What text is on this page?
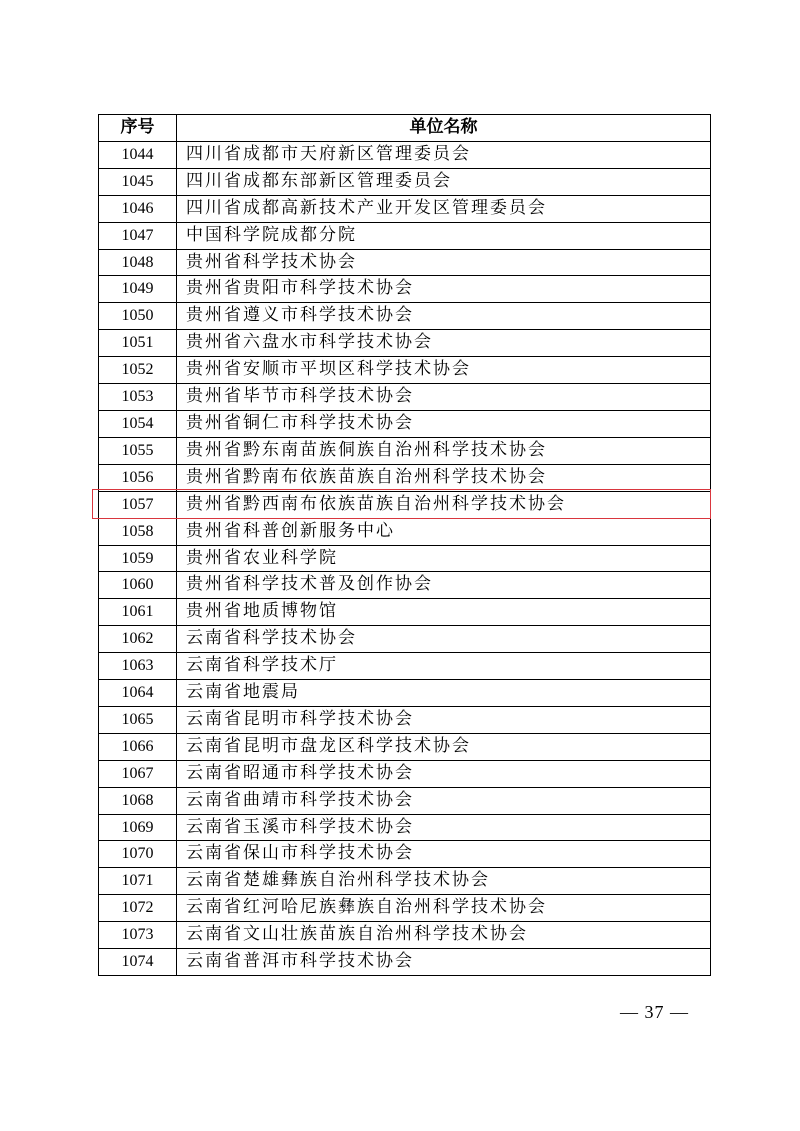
序号	单位名称
1044	四川省成都市天府新区管理委员会
1045	四川省成都东部新区管理委员会
1046	四川省成都高新技术产业开发区管理委员会
1047	中国科学院成都分院
1048	贵州省科学技术协会
1049	贵州省贵阳市科学技术协会
1050	贵州省遵义市科学技术协会
1051	贵州省六盘水市科学技术协会
1052	贵州省安顺市平坝区科学技术协会
1053	贵州省毕节市科学技术协会
1054	贵州省铜仁市科学技术协会
1055	贵州省黔东南苗族侗族自治州科学技术协会
1056	贵州省黔南布依族苗族自治州科学技术协会
1057	贵州省黔西南布依族苗族自治州科学技术协会
1058	贵州省科普创新服务中心
1059	贵州省农业科学院
1060	贵州省科学技术普及创作协会
1061	贵州省地质博物馆
1062	云南省科学技术协会
1063	云南省科学技术厅
1064	云南省地震局
1065	云南省昆明市科学技术协会
1066	云南省昆明市盘龙区科学技术协会
1067	云南省昭通市科学技术协会
1068	云南省曲靖市科学技术协会
1069	云南省玉溪市科学技术协会
1070	云南省保山市科学技术协会
1071	云南省楚雄彝族自治州科学技术协会
1072	云南省红河哈尼族彝族自治州科学技术协会
1073	云南省文山壮族苗族自治州科学技术协会
1074	云南省普洱市科学技术协会
— 37 —
